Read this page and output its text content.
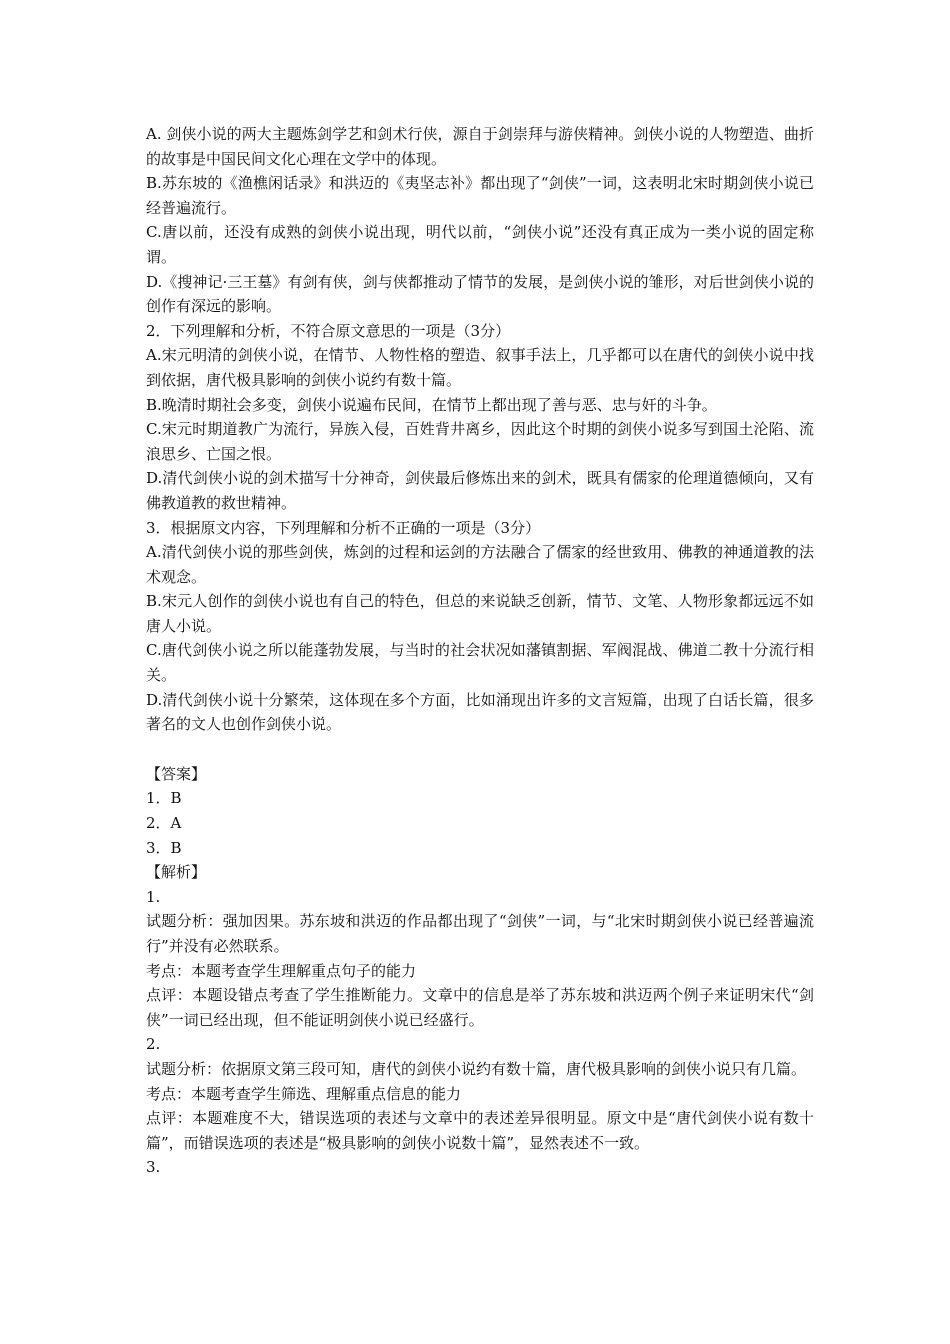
A. 剑侠小说的两大主题炼剑学艺和剑术行侠，源自于剑崇拜与游侠精神。剑侠小说的人物塑造、曲折的故事是中国民间文化心理在文学中的体现。

B.苏东坡的《渔樵闲话录》和洪迈的《夷坚志补》都出现了“剑侠”一词，这表明北宋时期剑侠小说已经普遍流行。

C.唐以前，还没有成熟的剑侠小说出现，明代以前，“剑侠小说”还没有真正成为一类小说的固定称谓。

D.《搜神记·三王墓》有剑有侠，剑与侠都推动了情节的发展，是剑侠小说的雏形，对后世剑侠小说的创作有深远的影响。

2．下列理解和分析，不符合原文意思的一项是（3分）

A.宋元明清的剑侠小说，在情节、人物性格的塑造、叙事手法上，几乎都可以在唐代的剑侠小说中找到依据，唐代极具影响的剑侠小说约有数十篇。

B.晚清时期社会多变，剑侠小说遍布民间，在情节上都出现了善与恶、忠与奸的斗争。

C.宋元时期道教广为流行，异族入侵，百姓背井离乡，因此这个时期的剑侠小说多写到国土沦陷、流浪思乡、亡国之恨。

D.清代剑侠小说的剑术描写十分神奇，剑侠最后修炼出来的剑术，既具有儒家的伦理道德倾向，又有佛教道教的救世精神。

3．根据原文内容，下列理解和分析不正确的一项是（3分）

A.清代剑侠小说的那些剑侠，炼剑的过程和运剑的方法融合了儒家的经世致用、佛教的神通道教的法术观念。

B.宋元人创作的剑侠小说也有自己的特色，但总的来说缺乏创新，情节、文笔、人物形象都远远不如唐人小说。

C.唐代剑侠小说之所以能蓬勃发展，与当时的社会状况如藩镇割据、军阀混战、佛道二教十分流行相关。

D.清代剑侠小说十分繁荣，这体现在多个方面，比如涌现出许多的文言短篇，出现了白话长篇，很多著名的文人也创作剑侠小说。

【答案】

1．B

2．A

3．B

【解析】

1.

试题分析：强加因果。苏东坡和洪迈的作品都出现了“剑侠”一词，与“北宋时期剑侠小说已经普遍流行”并没有必然联系。

考点：本题考查学生理解重点句子的能力

点评：本题设错点考查了学生推断能力。文章中的信息是举了苏东坡和洪迈两个例子来证明宋代“剑侠”一词已经出现，但不能证明剑侠小说已经盛行。

2.

试题分析：依据原文第三段可知，唐代的剑侠小说约有数十篇，唐代极具影响的剑侠小说只有几篇。

考点：本题考查学生筛选、理解重点信息的能力

点评：本题难度不大，错误选项的表述与文章中的表述差异很明显。原文中是“唐代剑侠小说有数十篇”，而错误选项的表述是“极具影响的剑侠小说数十篇”，显然表述不一致。

3.
